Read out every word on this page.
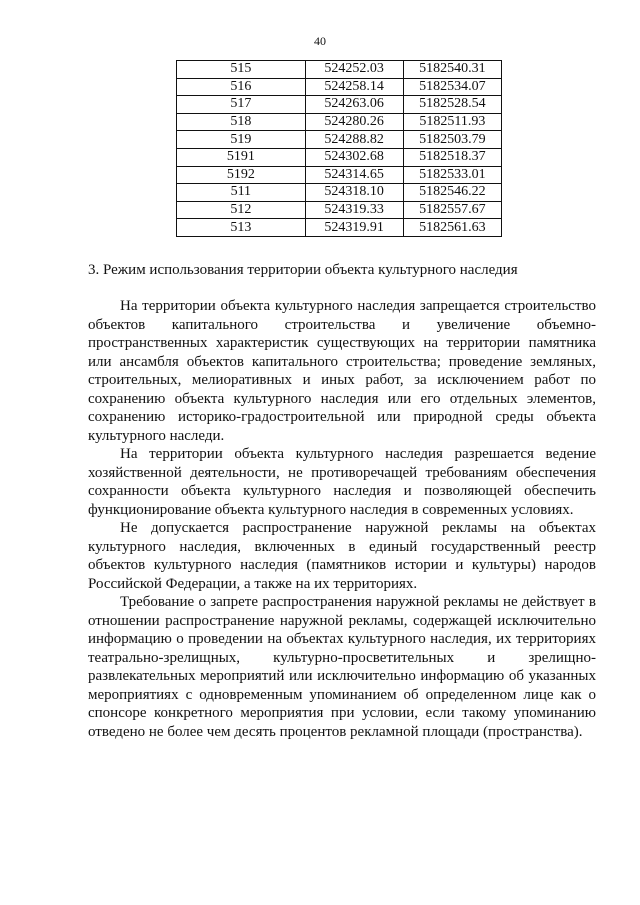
40
515	524252.03	5182540.31
516	524258.14	5182534.07
517	524263.06	5182528.54
518	524280.26	5182511.93
519	524288.82	5182503.79
5191	524302.68	5182518.37
5192	524314.65	5182533.01
511	524318.10	5182546.22
512	524319.33	5182557.67
513	524319.91	5182561.63
3. Режим использования территории объекта культурного наследия

На территории объекта культурного наследия запрещается строительство объектов капитального строительства и увеличение объемно-пространственных характеристик существующих на территории памятника или ансамбля объектов капитального строительства; проведение земляных, строительных, мелиоративных и иных работ, за исключением работ по сохранению объекта культурного наследия или его отдельных элементов, сохранению историко-градостроительной или природной среды объекта культурного наследи.

На территории объекта культурного наследия разрешается ведение хозяйственной деятельности, не противоречащей требованиям обеспечения сохранности объекта культурного наследия и позволяющей обеспечить функционирование объекта культурного наследия в современных условиях.

Не допускается распространение наружной рекламы на объектах культурного наследия, включенных в единый государственный реестр объектов культурного наследия (памятников истории и культуры) народов Российской Федерации, а также на их территориях.

Требование о запрете распространения наружной рекламы не действует в отношении распространение наружной рекламы, содержащей исключительно информацию о проведении на объектах культурного наследия, их территориях театрально-зрелищных, культурно-просветительных и зрелищно-развлекательных мероприятий или исключительно информацию об указанных мероприятиях с одновременным упоминанием об определенном лице как о спонсоре конкретного мероприятия при условии, если такому упоминанию отведено не более чем десять процентов рекламной площади (пространства).
